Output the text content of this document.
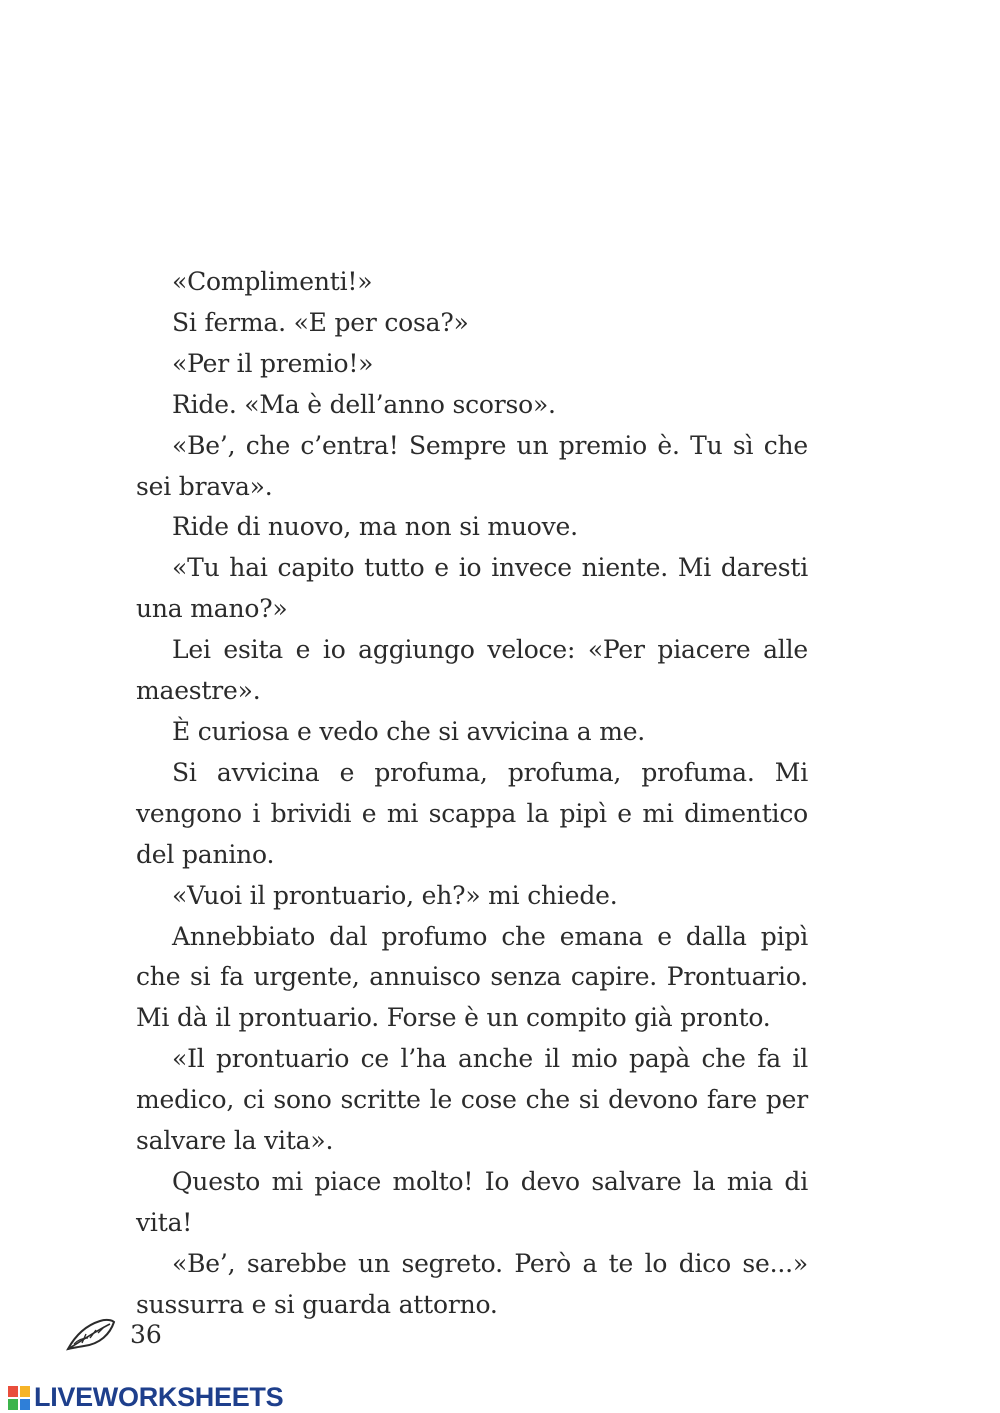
«Complimenti!»

Si ferma. «E per cosa?»

«Per il premio!»

Ride. «Ma è dell’anno scorso».

«Be’, che c’entra! Sempre un premio è. Tu sì che sei brava».

Ride di nuovo, ma non si muove.

«Tu hai capito tutto e io invece niente. Mi daresti una mano?»

Lei esita e io aggiungo veloce: «Per piacere alle maestre».

È curiosa e vedo che si avvicina a me.

Si avvicina e profuma, profuma, profuma. Mi vengono i brividi e mi scappa la pipì e mi dimentico del panino.

«Vuoi il prontuario, eh?» mi chiede.

Annebbiato dal profumo che emana e dalla pipì che si fa urgente, annuisco senza capire. Prontuario. Mi dà il prontuario. Forse è un compito già pronto.

«Il prontuario ce l’ha anche il mio papà che fa il medico, ci sono scritte le cose che si devono fare per salvare la vita».

Questo mi piace molto! Io devo salvare la mia di vita!

«Be’, sarebbe un segreto. Però a te lo dico se...» sussurra e si guarda attorno.

36
LIVEWORKSHEETS
